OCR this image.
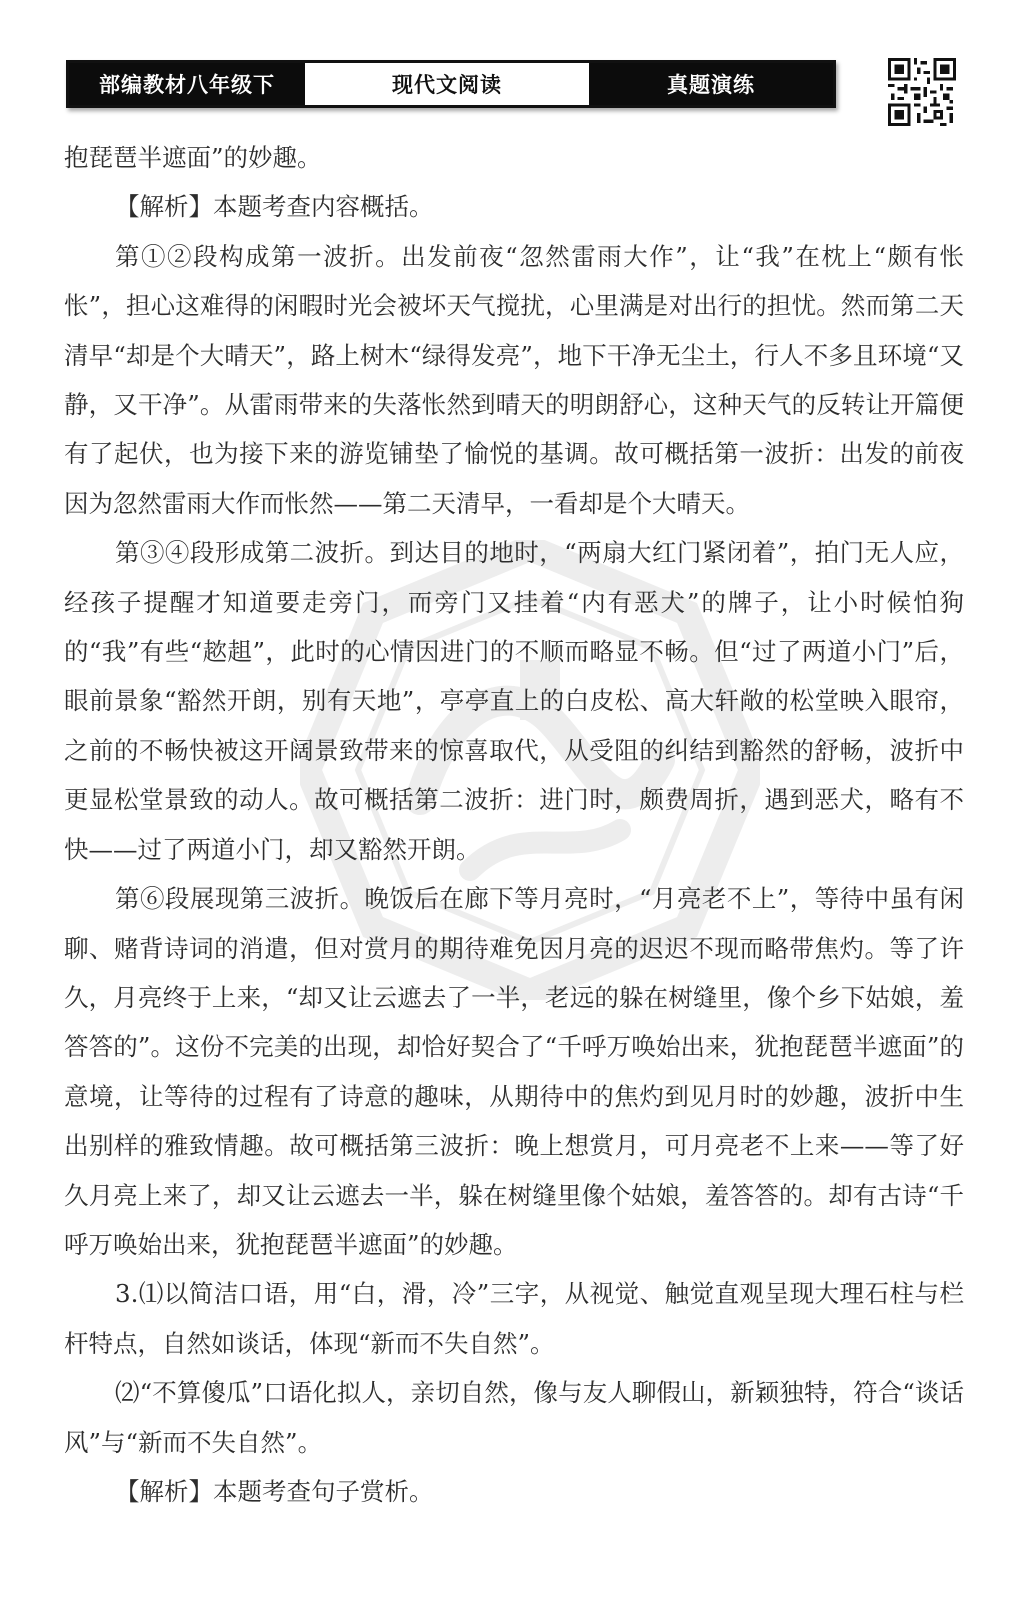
部编教材八年级下	现代文阅读	真题演练

抱琵琶半遮面”的妙趣。

【解析】本题考查内容概括。

第①②段构成第一波折。出发前夜“忽然雷雨大作”，让“我”在枕上“颇有怅怅”，担心这难得的闲暇时光会被坏天气搅扰，心里满是对出行的担忧。然而第二天清早“却是个大晴天”，路上树木“绿得发亮”，地下干净无尘土，行人不多且环境“又静，又干净”。从雷雨带来的失落怅然到晴天的明朗舒心，这种天气的反转让开篇便有了起伏，也为接下来的游览铺垫了愉悦的基调。故可概括第一波折：出发的前夜因为忽然雷雨大作而怅然——第二天清早，一看却是个大晴天。

第③④段形成第二波折。到达目的地时，“两扇大红门紧闭着”，拍门无人应，经孩子提醒才知道要走旁门，而旁门又挂着“内有恶犬”的牌子，让小时候怕狗的“我”有些“趑趄”，此时的心情因进门的不顺而略显不畅。但“过了两道小门”后，眼前景象“豁然开朗，别有天地”，亭亭直上的白皮松、高大轩敞的松堂映入眼帘，之前的不畅快被这开阔景致带来的惊喜取代，从受阻的纠结到豁然的舒畅，波折中更显松堂景致的动人。故可概括第二波折：进门时，颇费周折，遇到恶犬，略有不快——过了两道小门，却又豁然开朗。

第⑥段展现第三波折。晚饭后在廊下等月亮时，“月亮老不上”，等待中虽有闲聊、赌背诗词的消遣，但对赏月的期待难免因月亮的迟迟不现而略带焦灼。等了许久，月亮终于上来，“却又让云遮去了一半，老远的躲在树缝里，像个乡下姑娘，羞答答的”。这份不完美的出现，却恰好契合了“千呼万唤始出来，犹抱琵琶半遮面”的意境，让等待的过程有了诗意的趣味，从期待中的焦灼到见月时的妙趣，波折中生出别样的雅致情趣。故可概括第三波折：晚上想赏月，可月亮老不上来——等了好久月亮上来了，却又让云遮去一半，躲在树缝里像个姑娘，羞答答的。却有古诗“千呼万唤始出来，犹抱琵琶半遮面”的妙趣。

3.⑴以简洁口语，用“白，滑，冷”三字，从视觉、触觉直观呈现大理石柱与栏杆特点，自然如谈话，体现“新而不失自然”。

⑵“不算傻瓜”口语化拟人，亲切自然，像与友人聊假山，新颖独特，符合“谈话风”与“新而不失自然”。

【解析】本题考查句子赏析。
